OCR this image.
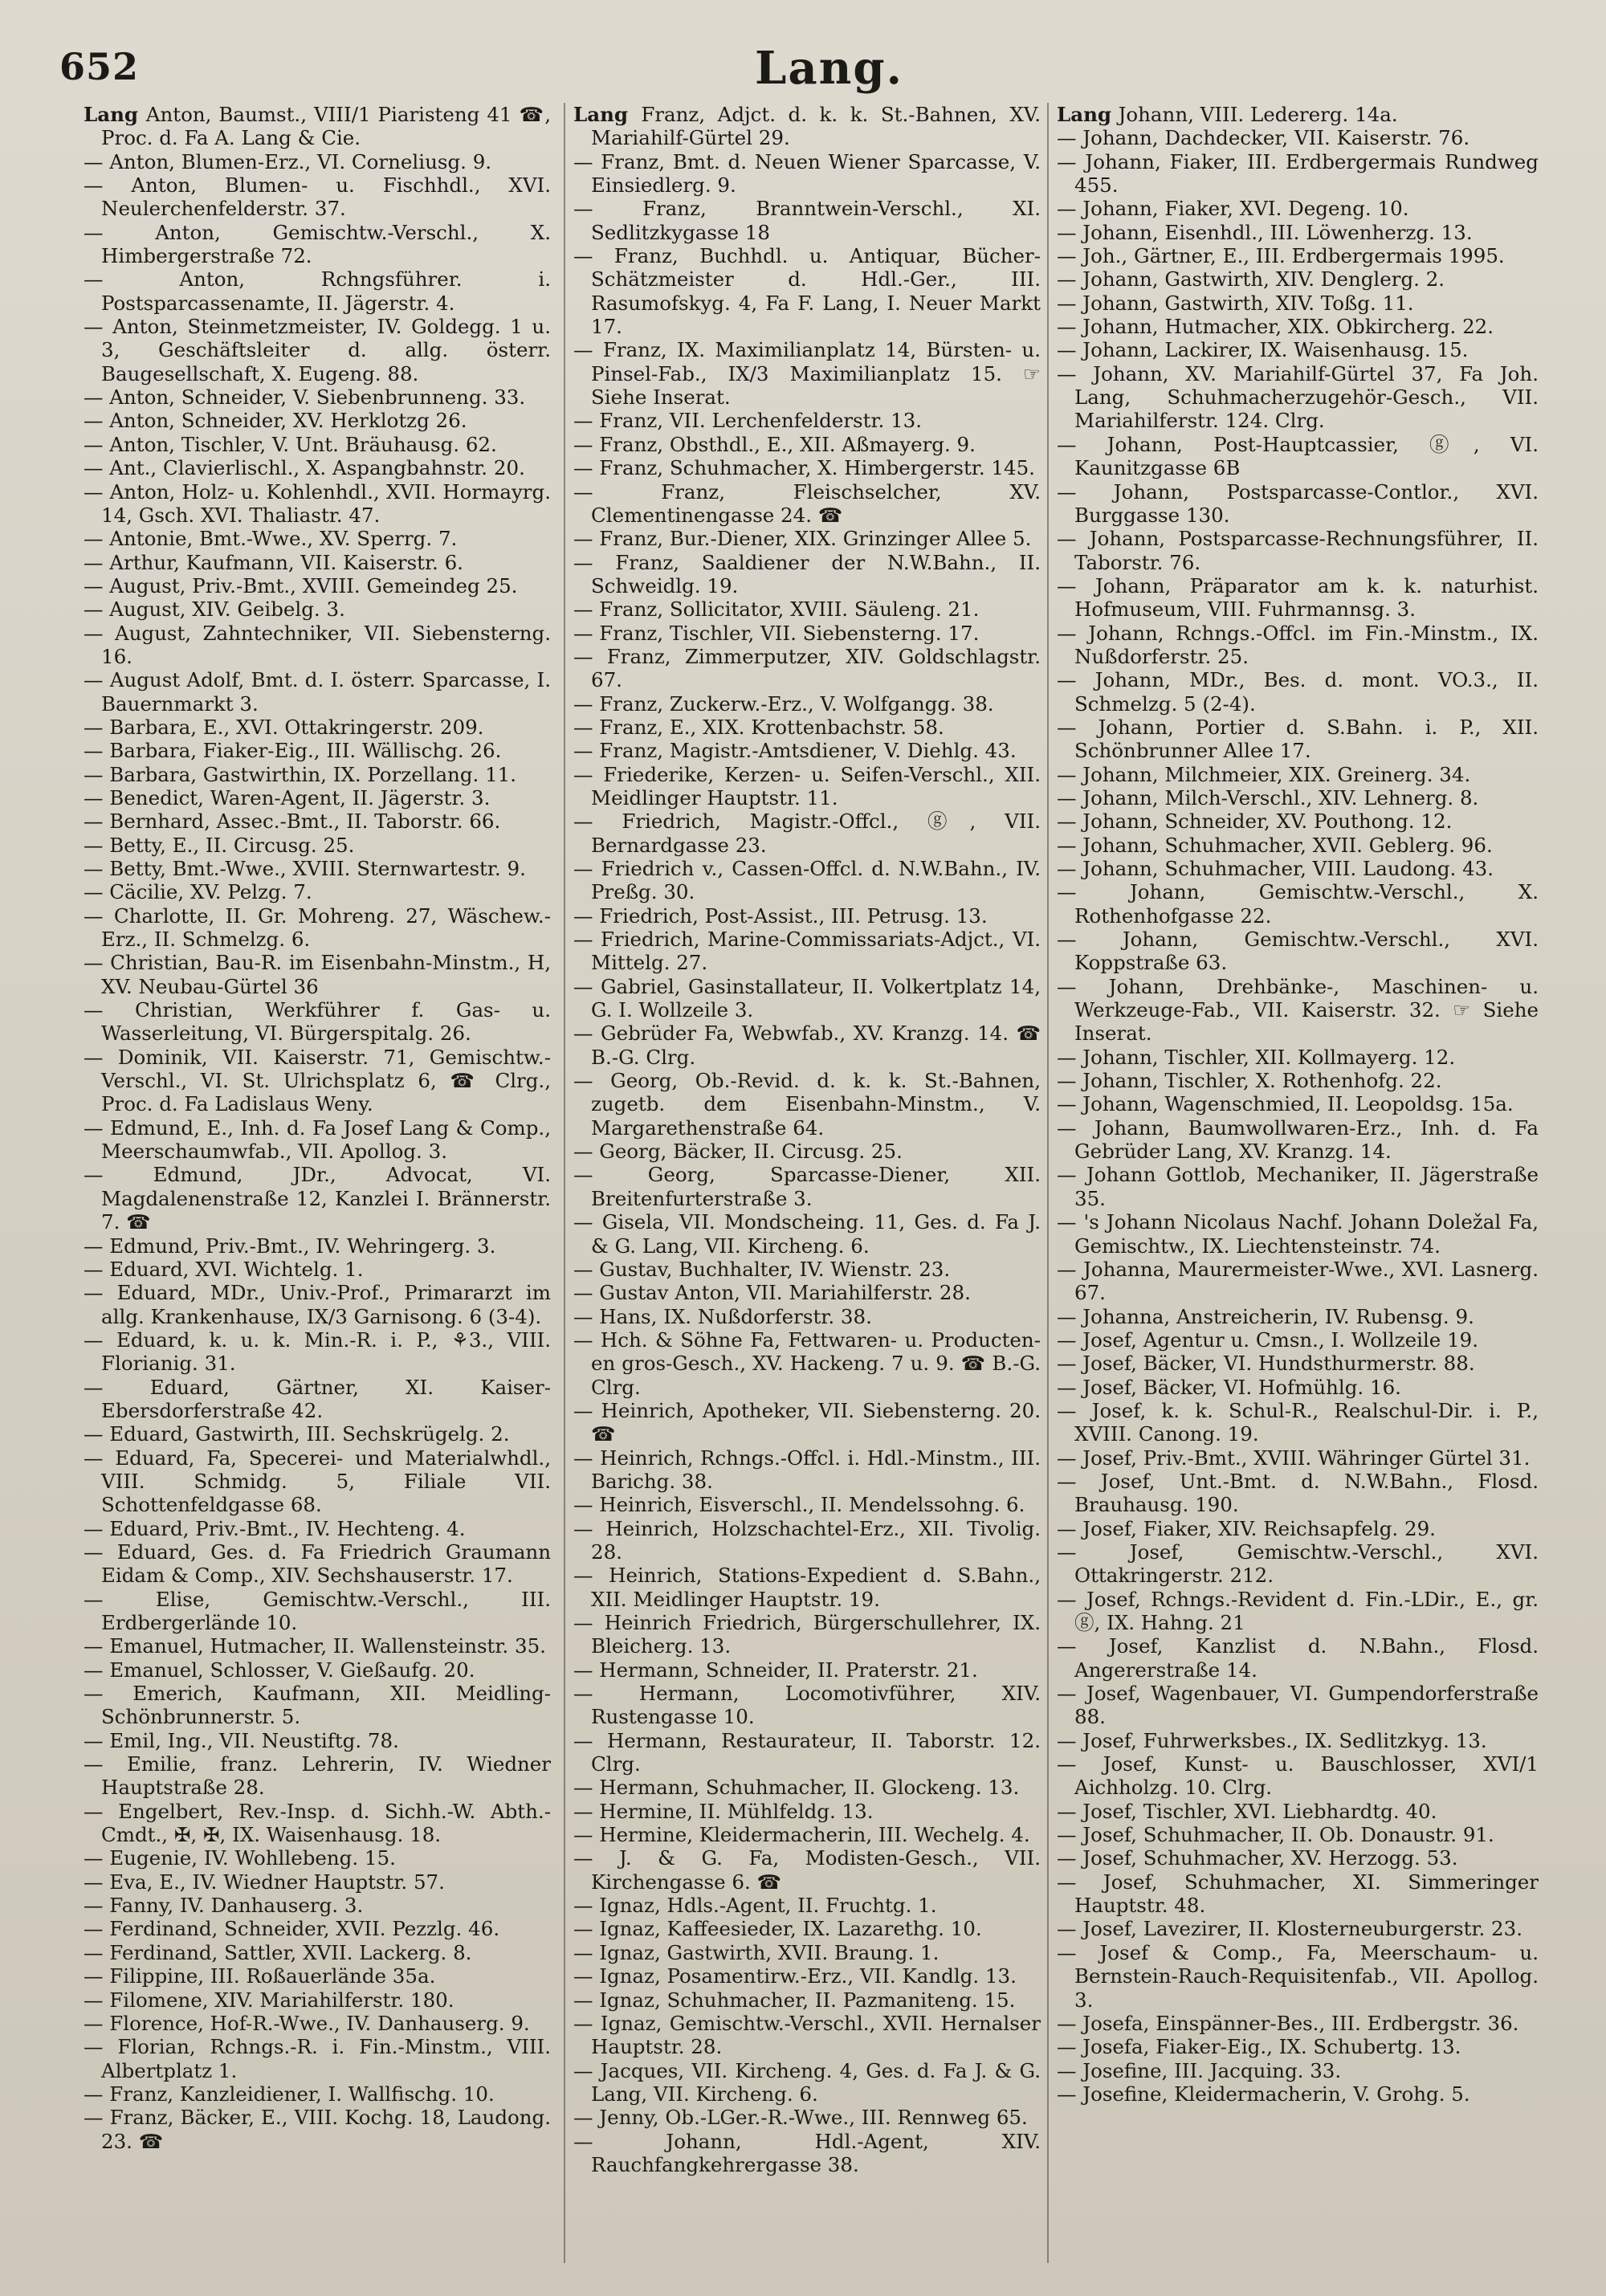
652	Lang.

Lang Anton, Baumst., VIII/1 Piaristeng 41 ☎, Proc. d. Fa A. Lang & Cie.

— Anton, Blumen-Erz., VI. Corneliusg. 9.

— Anton, Blumen- u. Fischhdl., XVI. Neulerchenfelderstr. 37.

— Anton, Gemischtw.-Verschl., X. Himbergerstraße 72.

— Anton, Rchngsführer. i. Postsparcassenamte, II. Jägerstr. 4.

— Anton, Steinmetzmeister, IV. Goldegg. 1 u. 3, Geschäftsleiter d. allg. österr. Baugesellschaft, X. Eugeng. 88.

— Anton, Schneider, V. Siebenbrunneng. 33.

— Anton, Schneider, XV. Herklotzg 26.

— Anton, Tischler, V. Unt. Bräuhausg. 62.

— Ant., Clavierlischl., X. Aspangbahnstr. 20.

— Anton, Holz- u. Kohlenhdl., XVII. Hormayrg. 14, Gsch. XVI. Thaliastr. 47.

— Antonie, Bmt.-Wwe., XV. Sperrg. 7.

— Arthur, Kaufmann, VII. Kaiserstr. 6.

— August, Priv.-Bmt., XVIII. Gemeindeg 25.

— August, XIV. Geibelg. 3.

— August, Zahntechniker, VII. Siebensterng. 16.

— August Adolf, Bmt. d. I. österr. Sparcasse, I. Bauernmarkt 3.

— Barbara, E., XVI. Ottakringerstr. 209.

— Barbara, Fiaker-Eig., III. Wällischg. 26.

— Barbara, Gastwirthin, IX. Porzellang. 11.

— Benedict, Waren-Agent, II. Jägerstr. 3.

— Bernhard, Assec.-Bmt., II. Taborstr. 66.

— Betty, E., II. Circusg. 25.

— Betty, Bmt.-Wwe., XVIII. Sternwartestr. 9.

— Cäcilie, XV. Pelzg. 7.

— Charlotte, II. Gr. Mohreng. 27, Wäschew.-Erz., II. Schmelzg. 6.

— Christian, Bau-R. im Eisenbahn-Minstm., H, XV. Neubau-Gürtel 36

— Christian, Werkführer f. Gas- u. Wasserleitung, VI. Bürgerspitalg. 26.

— Dominik, VII. Kaiserstr. 71, Gemischtw.-Verschl., VI. St. Ulrichsplatz 6, ☎ Clrg., Proc. d. Fa Ladislaus Weny.

— Edmund, E., Inh. d. Fa Josef Lang & Comp., Meerschaumwfab., VII. Apollog. 3.

— Edmund, JDr., Advocat, VI. Magdalenenstraße 12, Kanzlei I. Brännerstr. 7. ☎

— Edmund, Priv.-Bmt., IV. Wehringerg. 3.

— Eduard, XVI. Wichtelg. 1.

— Eduard, MDr., Univ.-Prof., Primararzt im allg. Krankenhause, IX/3 Garnisong. 6 (3-4).

— Eduard, k. u. k. Min.-R. i. P., ⚘3., VIII. Florianig. 31.

— Eduard, Gärtner, XI. Kaiser-Ebersdorferstraße 42.

— Eduard, Gastwirth, III. Sechskrügelg. 2.

— Eduard, Fa, Specerei- und Materialwhdl., VIII. Schmidg. 5, Filiale VII. Schottenfeldgasse 68.

— Eduard, Priv.-Bmt., IV. Hechteng. 4.

— Eduard, Ges. d. Fa Friedrich Graumann Eidam & Comp., XIV. Sechshauserstr. 17.

— Elise, Gemischtw.-Verschl., III. Erdbergerlände 10.

— Emanuel, Hutmacher, II. Wallensteinstr. 35.

— Emanuel, Schlosser, V. Gießaufg. 20.

— Emerich, Kaufmann, XII. Meidling-Schönbrunnerstr. 5.

— Emil, Ing., VII. Neustiftg. 78.

— Emilie, franz. Lehrerin, IV. Wiedner Hauptstraße 28.

— Engelbert, Rev.-Insp. d. Sichh.-W. Abth.-Cmdt., ✠, ✠, IX. Waisenhausg. 18.

— Eugenie, IV. Wohllebeng. 15.

— Eva, E., IV. Wiedner Hauptstr. 57.

— Fanny, IV. Danhauserg. 3.

— Ferdinand, Schneider, XVII. Pezzlg. 46.

— Ferdinand, Sattler, XVII. Lackerg. 8.

— Filippine, III. Roßauerlände 35a.

— Filomene, XIV. Mariahilferstr. 180.

— Florence, Hof-R.-Wwe., IV. Danhauserg. 9.

— Florian, Rchngs.-R. i. Fin.-Minstm., VIII. Albertplatz 1.

— Franz, Kanzleidiener, I. Wallfischg. 10.

— Franz, Bäcker, E., VIII. Kochg. 18, Laudong. 23. ☎

Lang Franz, Adjct. d. k. k. St.-Bahnen, XV. Mariahilf-Gürtel 29.

— Franz, Bmt. d. Neuen Wiener Sparcasse, V. Einsiedlerg. 9.

— Franz, Branntwein-Verschl., XI. Sedlitzkygasse 18

— Franz, Buchhdl. u. Antiquar, Bücher-Schätzmeister d. Hdl.-Ger., III. Rasumofskyg. 4, Fa F. Lang, I. Neuer Markt 17.

— Franz, IX. Maximilianplatz 14, Bürsten- u. Pinsel-Fab., IX/3 Maximilianplatz 15. ☞ Siehe Inserat.

— Franz, VII. Lerchenfelderstr. 13.

— Franz, Obsthdl., E., XII. Aßmayerg. 9.

— Franz, Schuhmacher, X. Himbergerstr. 145.

— Franz, Fleischselcher, XV. Clementinengasse 24. ☎

— Franz, Bur.-Diener, XIX. Grinzinger Allee 5.

— Franz, Saaldiener der N.W.Bahn., II. Schweidlg. 19.

— Franz, Sollicitator, XVIII. Säuleng. 21.

— Franz, Tischler, VII. Siebensterng. 17.

— Franz, Zimmerputzer, XIV. Goldschlagstr. 67.

— Franz, Zuckerw.-Erz., V. Wolfgangg. 38.

— Franz, E., XIX. Krottenbachstr. 58.

— Franz, Magistr.-Amtsdiener, V. Diehlg. 43.

— Friederike, Kerzen- u. Seifen-Verschl., XII. Meidlinger Hauptstr. 11.

— Friedrich, Magistr.-Offcl., ⓖ, VII. Bernardgasse 23.

— Friedrich v., Cassen-Offcl. d. N.W.Bahn., IV. Preßg. 30.

— Friedrich, Post-Assist., III. Petrusg. 13.

— Friedrich, Marine-Commissariats-Adjct., VI. Mittelg. 27.

— Gabriel, Gasinstallateur, II. Volkertplatz 14, G. I. Wollzeile 3.

— Gebrüder Fa, Webwfab., XV. Kranzg. 14. ☎ B.-G. Clrg.

— Georg, Ob.-Revid. d. k. k. St.-Bahnen, zugetb. dem Eisenbahn-Minstm., V. Margarethenstraße 64.

— Georg, Bäcker, II. Circusg. 25.

— Georg, Sparcasse-Diener, XII. Breitenfurterstraße 3.

— Gisela, VII. Mondscheing. 11, Ges. d. Fa J. & G. Lang, VII. Kircheng. 6.

— Gustav, Buchhalter, IV. Wienstr. 23.

— Gustav Anton, VII. Mariahilferstr. 28.

— Hans, IX. Nußdorferstr. 38.

— Hch. & Söhne Fa, Fettwaren- u. Producten-en gros-Gesch., XV. Hackeng. 7 u. 9. ☎ B.-G. Clrg.

— Heinrich, Apotheker, VII. Siebensterng. 20. ☎

— Heinrich, Rchngs.-Offcl. i. Hdl.-Minstm., III. Barichg. 38.

— Heinrich, Eisverschl., II. Mendelssohng. 6.

— Heinrich, Holzschachtel-Erz., XII. Tivolig. 28.

— Heinrich, Stations-Expedient d. S.Bahn., XII. Meidlinger Hauptstr. 19.

— Heinrich Friedrich, Bürgerschullehrer, IX. Bleicherg. 13.

— Hermann, Schneider, II. Praterstr. 21.

— Hermann, Locomotivführer, XIV. Rustengasse 10.

— Hermann, Restaurateur, II. Taborstr. 12. Clrg.

— Hermann, Schuhmacher, II. Glockeng. 13.

— Hermine, II. Mühlfeldg. 13.

— Hermine, Kleidermacherin, III. Wechelg. 4.

— J. & G. Fa, Modisten-Gesch., VII. Kirchengasse 6. ☎

— Ignaz, Hdls.-Agent, II. Fruchtg. 1.

— Ignaz, Kaffeesieder, IX. Lazarethg. 10.

— Ignaz, Gastwirth, XVII. Braung. 1.

— Ignaz, Posamentirw.-Erz., VII. Kandlg. 13.

— Ignaz, Schuhmacher, II. Pazmaniteng. 15.

— Ignaz, Gemischtw.-Verschl., XVII. Hernalser Hauptstr. 28.

— Jacques, VII. Kircheng. 4, Ges. d. Fa J. & G. Lang, VII. Kircheng. 6.

— Jenny, Ob.-LGer.-R.-Wwe., III. Rennweg 65.

— Johann, Hdl.-Agent, XIV. Rauchfangkehrergasse 38.

Lang Johann, VIII. Ledererg. 14a.

— Johann, Dachdecker, VII. Kaiserstr. 76.

— Johann, Fiaker, III. Erdbergermais Rundweg 455.

— Johann, Fiaker, XVI. Degeng. 10.

— Johann, Eisenhdl., III. Löwenherzg. 13.

— Joh., Gärtner, E., III. Erdbergermais 1995.

— Johann, Gastwirth, XIV. Denglerg. 2.

— Johann, Gastwirth, XIV. Toßg. 11.

— Johann, Hutmacher, XIX. Obkircherg. 22.

— Johann, Lackirer, IX. Waisenhausg. 15.

— Johann, XV. Mariahilf-Gürtel 37, Fa Joh. Lang, Schuhmacherzugehör-Gesch., VII. Mariahilferstr. 124. Clrg.

— Johann, Post-Hauptcassier, ⓖ, VI. Kaunitzgasse 6B

— Johann, Postsparcasse-Contlor., XVI. Burggasse 130.

— Johann, Postsparcasse-Rechnungsführer, II. Taborstr. 76.

— Johann, Präparator am k. k. naturhist. Hofmuseum, VIII. Fuhrmannsg. 3.

— Johann, Rchngs.-Offcl. im Fin.-Minstm., IX. Nußdorferstr. 25.

— Johann, MDr., Bes. d. mont. VO.3., II. Schmelzg. 5 (2-4).

— Johann, Portier d. S.Bahn. i. P., XII. Schönbrunner Allee 17.

— Johann, Milchmeier, XIX. Greinerg. 34.

— Johann, Milch-Verschl., XIV. Lehnerg. 8.

— Johann, Schneider, XV. Pouthong. 12.

— Johann, Schuhmacher, XVII. Geblerg. 96.

— Johann, Schuhmacher, VIII. Laudong. 43.

— Johann, Gemischtw.-Verschl., X. Rothenhofgasse 22.

— Johann, Gemischtw.-Verschl., XVI. Koppstraße 63.

— Johann, Drehbänke-, Maschinen- u. Werkzeuge-Fab., VII. Kaiserstr. 32. ☞ Siehe Inserat.

— Johann, Tischler, XII. Kollmayerg. 12.

— Johann, Tischler, X. Rothenhofg. 22.

— Johann, Wagenschmied, II. Leopoldsg. 15a.

— Johann, Baumwollwaren-Erz., Inh. d. Fa Gebrüder Lang, XV. Kranzg. 14.

— Johann Gottlob, Mechaniker, II. Jägerstraße 35.

— 's Johann Nicolaus Nachf. Johann Doležal Fa, Gemischtw., IX. Liechtensteinstr. 74.

— Johanna, Maurermeister-Wwe., XVI. Lasnerg. 67.

— Johanna, Anstreicherin, IV. Rubensg. 9.

— Josef, Agentur u. Cmsn., I. Wollzeile 19.

— Josef, Bäcker, VI. Hundsthurmerstr. 88.

— Josef, Bäcker, VI. Hofmühlg. 16.

— Josef, k. k. Schul-R., Realschul-Dir. i. P., XVIII. Canong. 19.

— Josef, Priv.-Bmt., XVIII. Währinger Gürtel 31.

— Josef, Unt.-Bmt. d. N.W.Bahn., Flosd. Brauhausg. 190.

— Josef, Fiaker, XIV. Reichsapfelg. 29.

— Josef, Gemischtw.-Verschl., XVI. Ottakringerstr. 212.

— Josef, Rchngs.-Revident d. Fin.-LDir., E., gr. ⓖ, IX. Hahng. 21

— Josef, Kanzlist d. N.Bahn., Flosd. Angererstraße 14.

— Josef, Wagenbauer, VI. Gumpendorferstraße 88.

— Josef, Fuhrwerksbes., IX. Sedlitzkyg. 13.

— Josef, Kunst- u. Bauschlosser, XVI/1 Aichholzg. 10. Clrg.

— Josef, Tischler, XVI. Liebhardtg. 40.

— Josef, Schuhmacher, II. Ob. Donaustr. 91.

— Josef, Schuhmacher, XV. Herzogg. 53.

— Josef, Schuhmacher, XI. Simmeringer Hauptstr. 48.

— Josef, Lavezirer, II. Klosterneuburgerstr. 23.

— Josef & Comp., Fa, Meerschaum- u. Bernstein-Rauch-Requisitenfab., VII. Apollog. 3.

— Josefa, Einspänner-Bes., III. Erdbergstr. 36.

— Josefa, Fiaker-Eig., IX. Schubertg. 13.

— Josefine, III. Jacquing. 33.

— Josefine, Kleidermacherin, V. Grohg. 5.
